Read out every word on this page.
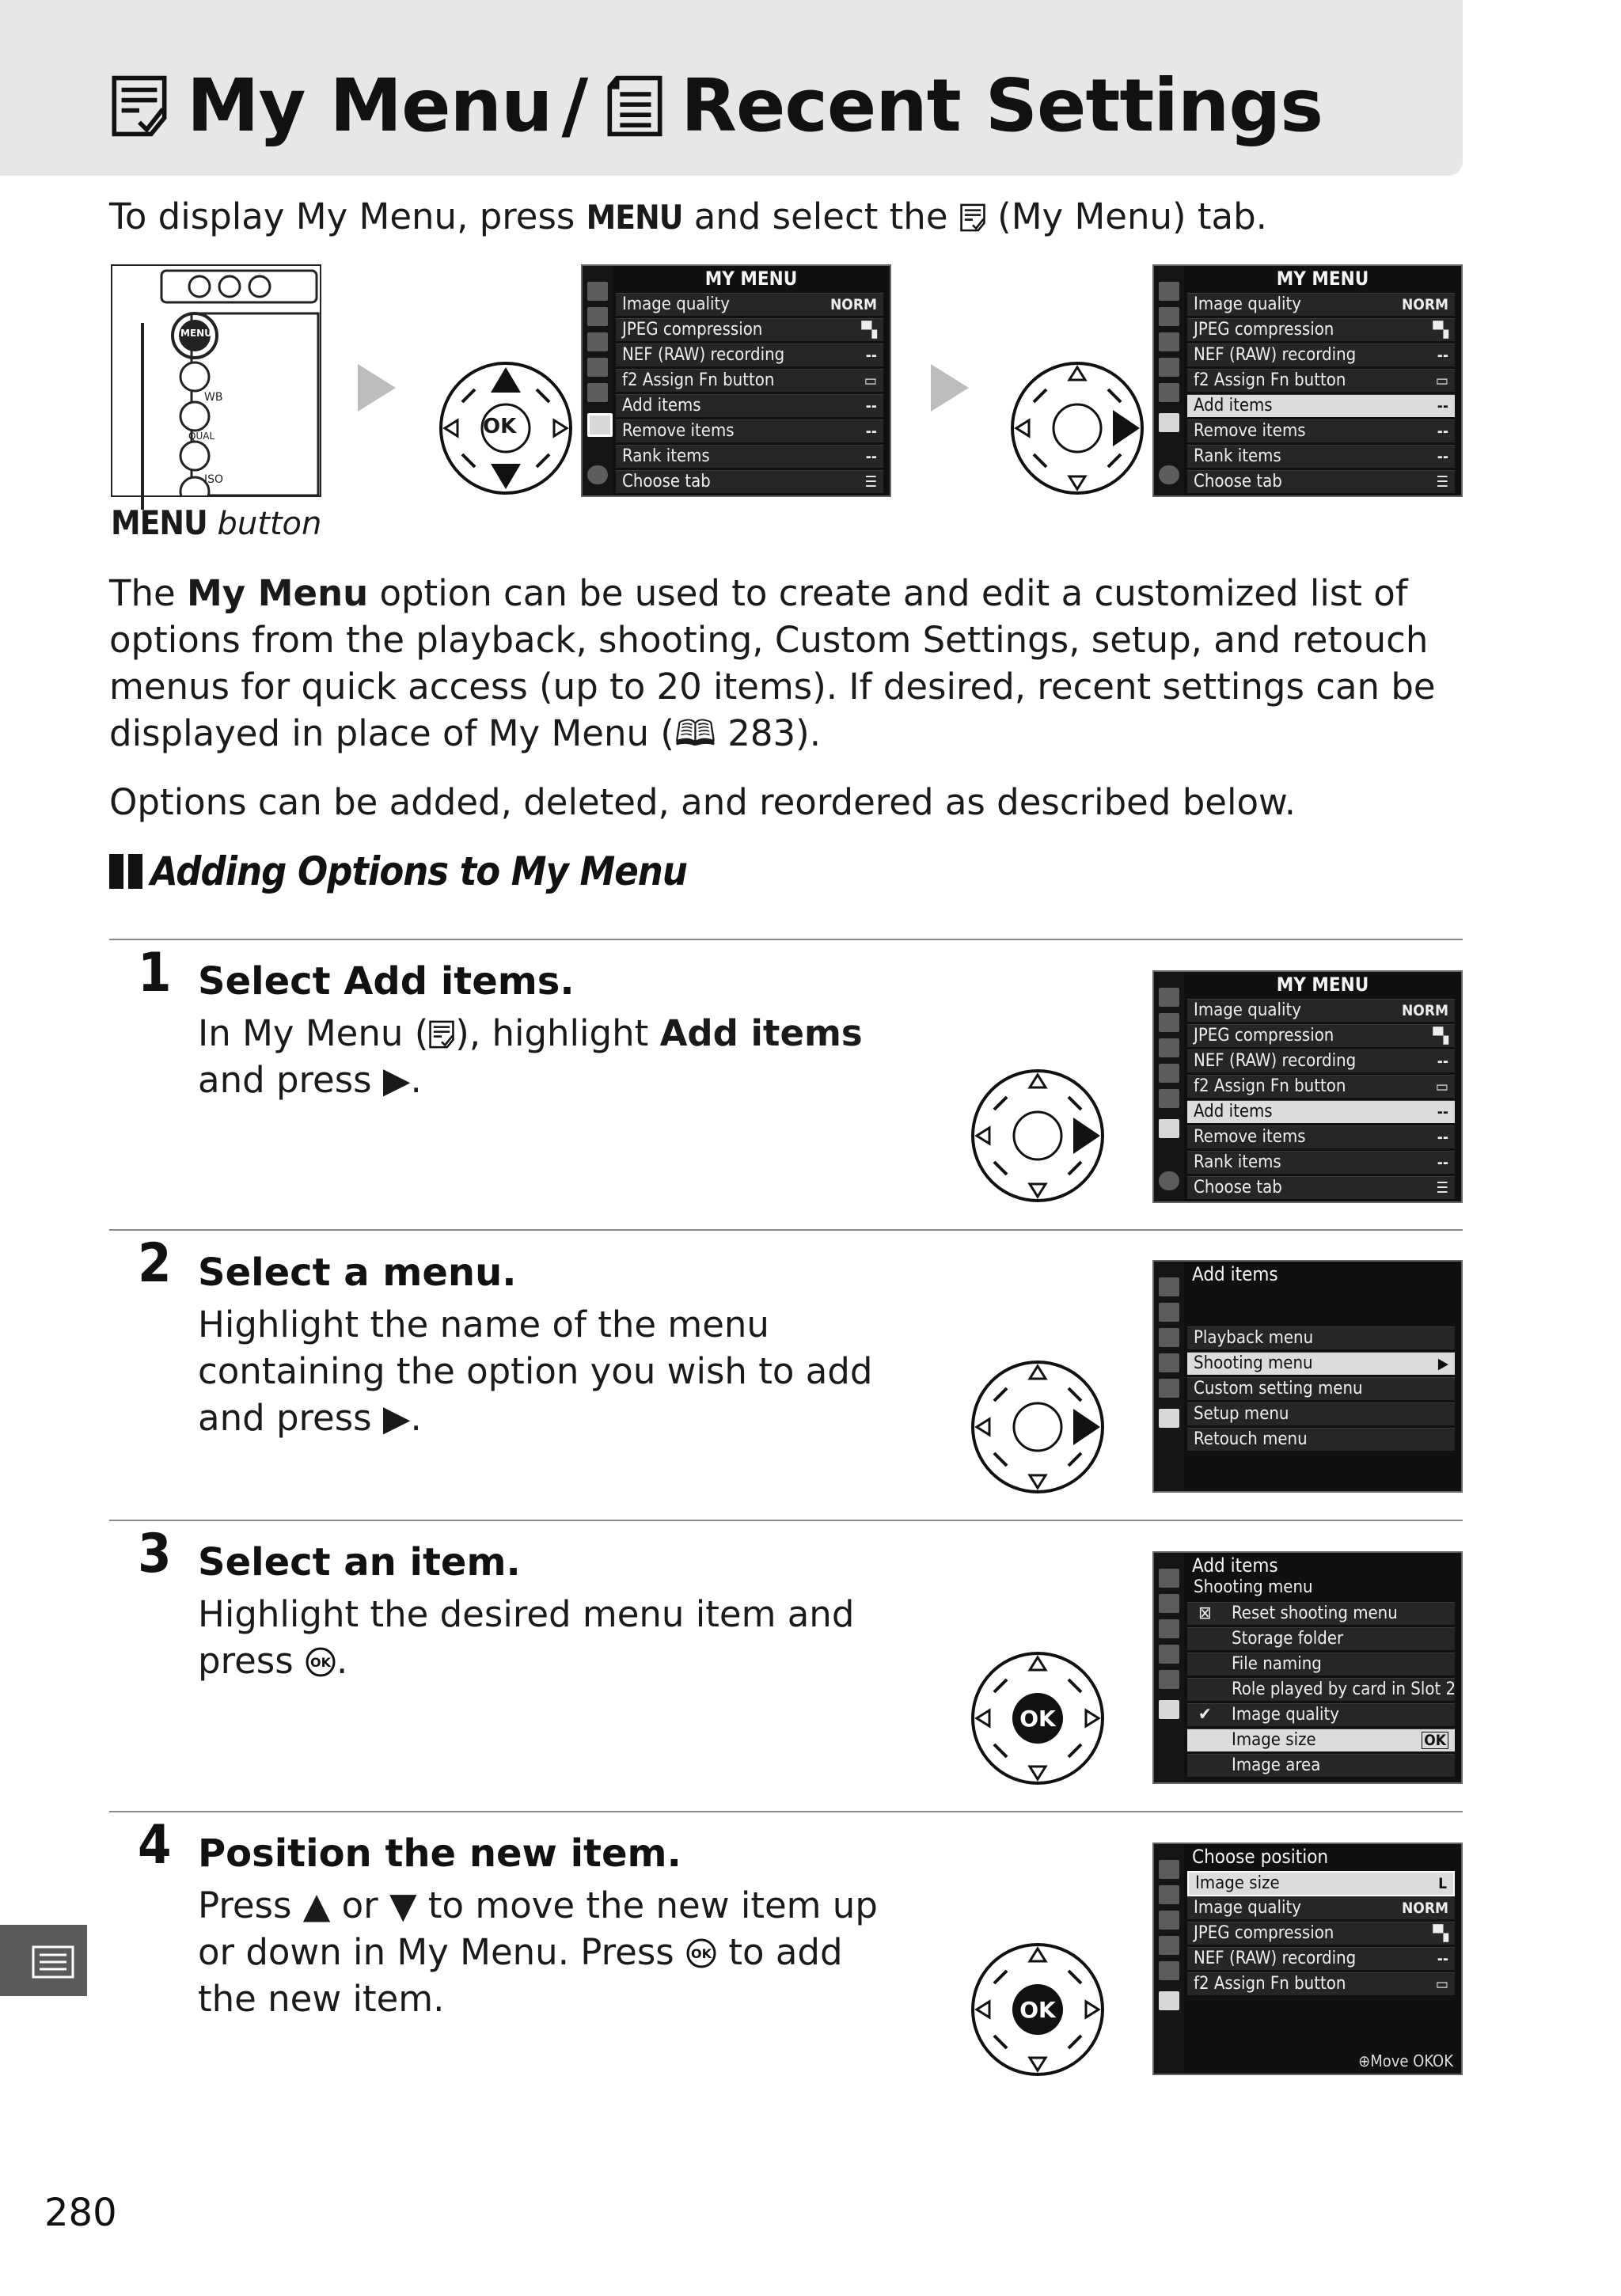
My Menu / Recent Settings
To display My Menu, press MENU and select the  (My Menu) tab.
MENU
WB
QUAL
ISO
MENU button
OK
MY MENU
Image quality	NORM
JPEG compression	▝▚
NEF (RAW) recording	--
f2 Assign Fn button	▭
Add items	--
Remove items	--
Rank items	--
Choose tab	☰
MY MENU
Image quality	NORM
JPEG compression	▝▚
NEF (RAW) recording	--
f2 Assign Fn button	▭
Add items	--
Remove items	--
Rank items	--
Choose tab	☰
The My Menu option can be used to create and edit a customized list of options from the playback, shooting, Custom Settings, setup, and retouch menus for quick access (up to 20 items). If desired, recent settings can be displayed in place of My Menu (🕮 283).
Options can be added, deleted, and reordered as described below.
Adding Options to My Menu
1 Select Add items.
In My Menu ( ), highlight Add items and press ▶.
MY MENU
Image quality	NORM
JPEG compression	▝▚
NEF (RAW) recording	--
f2 Assign Fn button	▭
Add items	--
Remove items	--
Rank items	--
Choose tab	☰
2 Select a menu.
Highlight the name of the menu containing the option you wish to add and press ▶.
Add items
Playback menu
Shooting menu	▶
Custom setting menu
Setup menu
Retouch menu
3 Select an item.
Highlight the desired menu item and press OK .
OK
Add items
Shooting menu
⊠ Reset shooting menu
Storage folder
File naming
Role played by card in Slot 2
✔ Image quality
Image size	OK
Image area
4 Position the new item.
Press ▲ or ▼ to move the new item up or down in My Menu. Press OK to add the new item.	OK
Choose position
Image size	L
Image quality	NORM
JPEG compression	▝▚
NEF (RAW) recording	--
f2 Assign Fn button	▭
⊕Move OKOK
280
